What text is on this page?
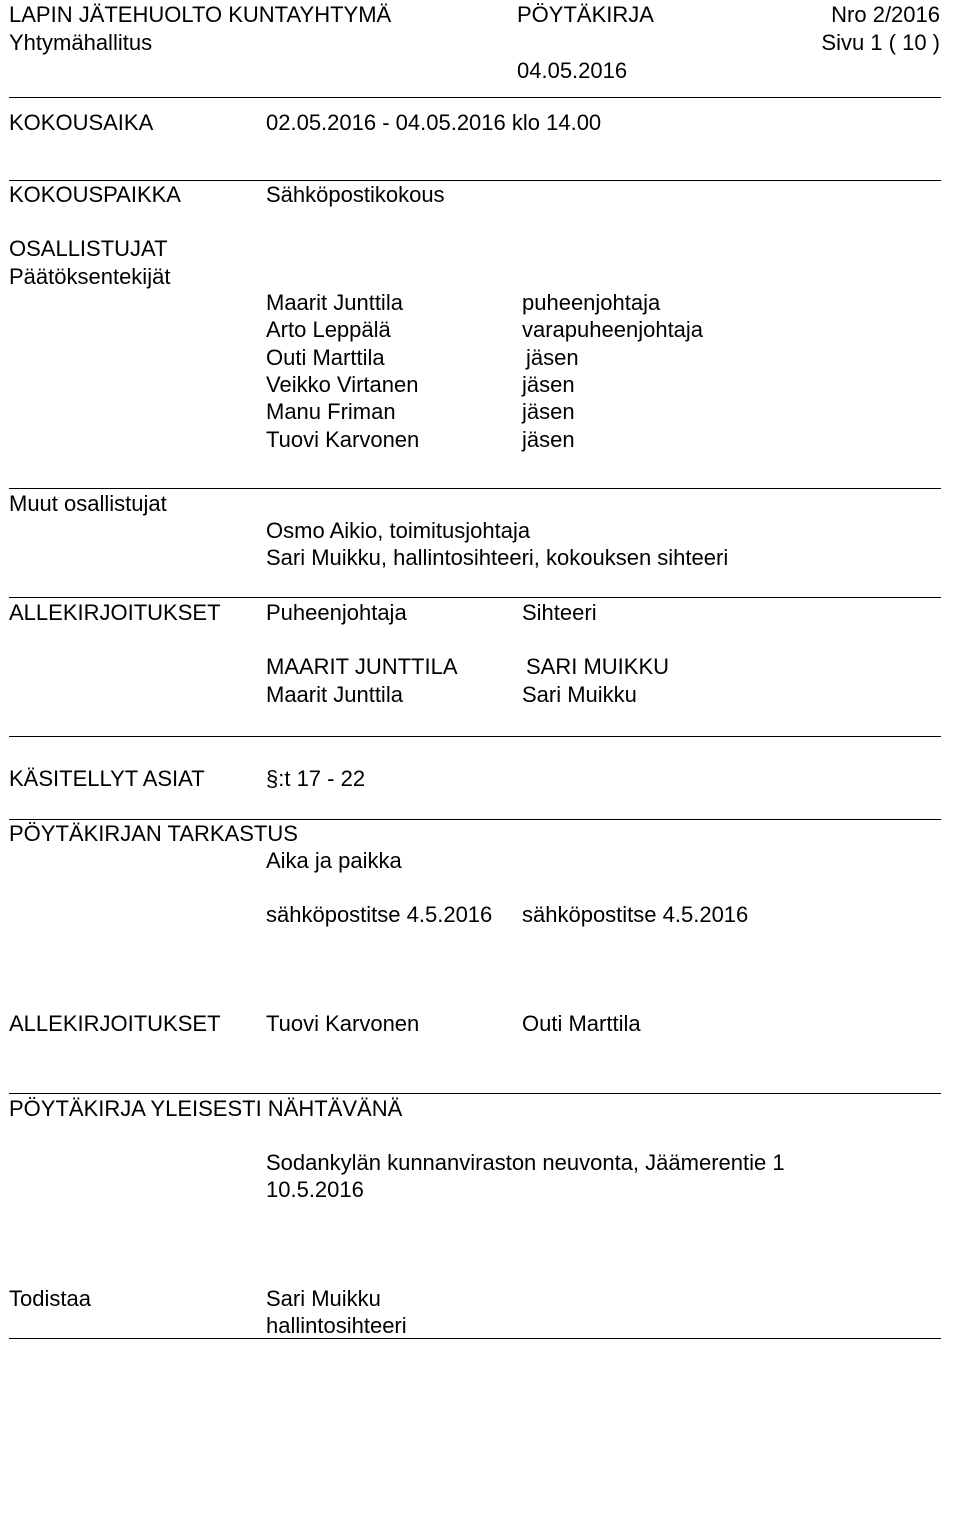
LAPIN JÄTEHUOLTO KUNTAYHTYMÄ
Yhtymähallitus
PÖYTÄKIRJA
04.05.2016
Nro 2/2016
Sivu 1 ( 10 )
KOKOUSAIKA	02.05.2016 - 04.05.2016 klo 14.00
KOKOUSPAIKKA	Sähköpostikokous
OSALLISTUJAT
Päätöksentekijät
Maarit Junttila	puheenjohtaja
Arto Leppälä	varapuheenjohtaja
Outi Marttila	jäsen
Veikko Virtanen	jäsen
Manu Friman	jäsen
Tuovi Karvonen	jäsen
Muut osallistujat
Osmo Aikio, toimitusjohtaja
Sari Muikku, hallintosihteeri, kokouksen sihteeri
ALLEKIRJOITUKSET Puheenjohtaja	Sihteeri
MAARIT JUNTTILA	SARI MUIKKU
Maarit Junttila	Sari Muikku
KÄSITELLYT ASIAT	§:t 17 - 22
PÖYTÄKIRJAN TARKASTUS
Aika ja paikka
sähköpostitse 4.5.2016 sähköpostitse 4.5.2016
ALLEKIRJOITUKSET Tuovi Karvonen	Outi Marttila
PÖYTÄKIRJA YLEISESTI NÄHTÄVÄNÄ
Sodankylän kunnanviraston neuvonta, Jäämerentie 1
10.5.2016
Todistaa	Sari Muikku
hallintosihteeri
